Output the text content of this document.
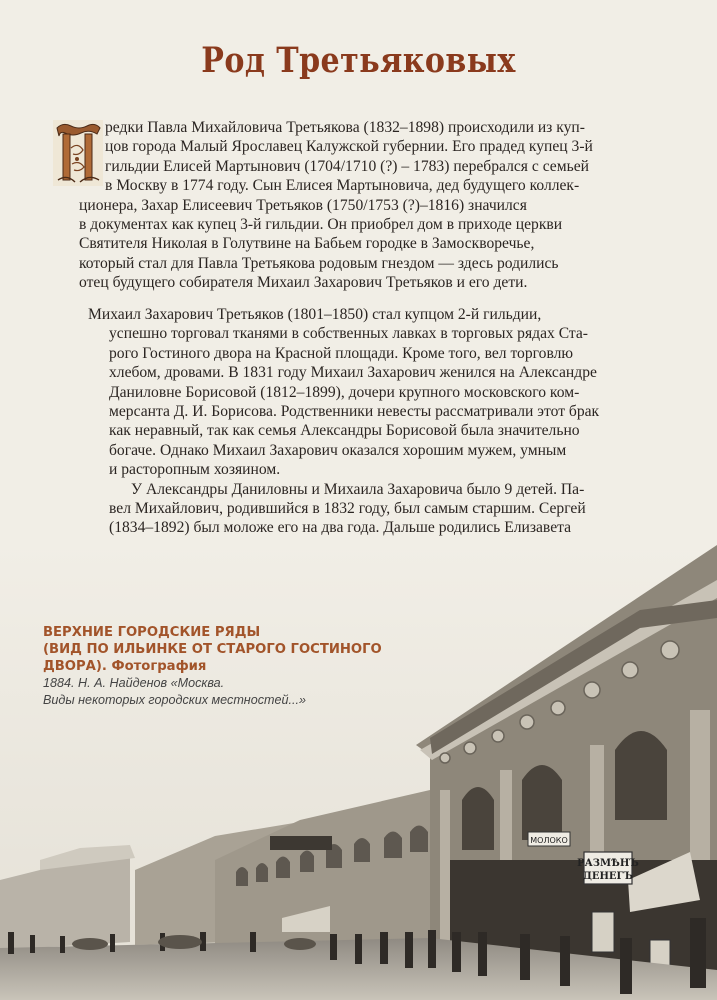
Род Третьяковых
редки Павла Михайловича Третьякова (1832–1898) происходили из куп-
цов города Малый Ярославец Калужской губернии. Его прадед купец 3-й
гильдии Елисей Мартынович (1704/1710 (?) – 1783) перебрался с семьей
в Москву в 1774 году. Сын Елисея Мартыновича, дед будущего коллек-
ционера, Захар Елисеевич Третьяков (1750/1753 (?)–1816) значился
в документах как купец 3-й гильдии. Он приобрел дом в приходе церкви
Святителя Николая в Голутвине на Бабьем городке в Замоскворечье,
который стал для Павла Третьякова родовым гнездом — здесь родились
отец будущего собирателя Михаил Захарович Третьяков и его дети.
Михаил Захарович Третьяков (1801–1850) стал купцом 2-й гильдии,
успешно торговал тканями в собственных лавках в торговых рядах Ста-
рого Гостиного двора на Красной площади. Кроме того, вел торговлю
хлебом, дровами. В 1831 году Михаил Захарович женился на Александре
Даниловне Борисовой (1812–1899), дочери крупного московского ком-
мерсанта Д. И. Борисова. Родственники невесты рассматривали этот брак
как неравный, так как семья Александры Борисовой была значительно
богаче. Однако Михаил Захарович оказался хорошим мужем, умным
и расторопным хозяином.
У Александры Даниловны и Михаила Захаровича было 9 детей. Па-
вел Михайлович, родившийся в 1832 году, был самым старшим. Сергей
(1834–1892) был моложе его на два года. Дальше родились Елизавета
МОЛОКО
РАЗМѢНЪ
ДЕНЕГЪ
ВЕРХНИЕ ГОРОДСКИЕ РЯДЫ
(ВИД ПО ИЛЬИНКЕ ОТ СТАРОГО ГОСТИНОГО
ДВОРА). Фотография
1884. Н. А. Найденов «Москва.
Виды некоторых городских местностей...»
